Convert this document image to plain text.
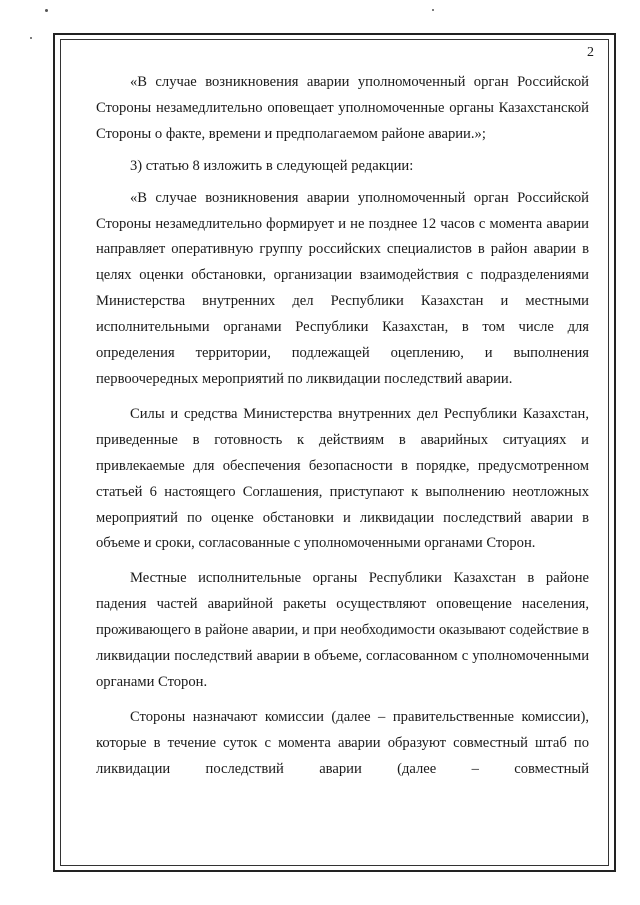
2

«В случае возникновения аварии уполномоченный орган Российской Стороны незамедлительно оповещает уполномоченные органы Казахстанской Стороны о факте, времени и предполагаемом районе аварии.»;

3) статью 8 изложить в следующей редакции:

«В случае возникновения аварии уполномоченный орган Российской Стороны незамедлительно формирует и не позднее 12 часов с момента аварии направляет оперативную группу российских специалистов в район аварии в целях оценки обстановки, организации взаимодействия с подразделениями Министерства внутренних дел Республики Казахстан и местными исполнительными органами Республики Казахстан, в том числе для определения территории, подлежащей оцеплению, и выполнения первоочередных мероприятий по ликвидации последствий аварии.

Силы и средства Министерства внутренних дел Республики Казахстан, приведенные в готовность к действиям в аварийных ситуациях и привлекаемые для обеспечения безопасности в порядке, предусмотренном статьей 6 настоящего Соглашения, приступают к выполнению неотложных мероприятий по оценке обстановки и ликвидации последствий аварии в объеме и сроки, согласованные с уполномоченными органами Сторон.

Местные исполнительные органы Республики Казахстан в районе падения частей аварийной ракеты осуществляют оповещение населения, проживающего в районе аварии, и при необходимости оказывают содействие в ликвидации последствий аварии в объеме, согласованном с уполномоченными органами Сторон.

Стороны назначают комиссии (далее – правительственные комиссии), которые в течение суток с момента аварии образуют совместный штаб по ликвидации последствий аварии (далее – совместный
